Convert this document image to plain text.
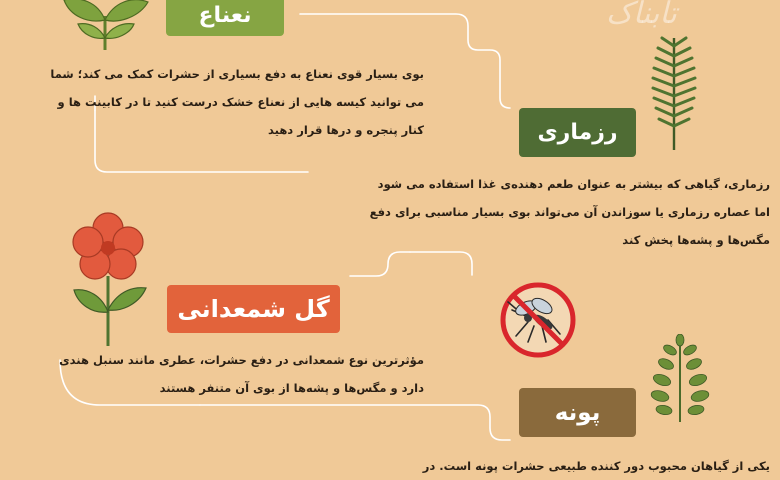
تابناک
نعناع
بوی بسیار قوی نعناع به دفع بسیاری از حشرات کمک می کند؛ شما
می توانید کیسه هایی از نعناع خشک درست کنید تا در کابینت ها و
کنار پنجره و درها قرار دهید	رزماری
رزماری، گیاهی که بیشتر به عنوان طعم دهنده‌ی غذا استفاده می شود
اما عصاره رزماری یا سوزاندن آن می‌تواند بوی بسیار مناسبی برای دفع
مگس‌ها و پشه‌ها پخش کند
گل شمعدانی
مؤثرترین نوع شمعدانی در دفع حشرات، عطری مانند سنبل هندی
دارد و مگس‌ها و پشه‌ها از بوی آن متنفر هستند
پونه
یکی از گیاهان محبوب دور کننده طبیعی حشرات پونه است. در
